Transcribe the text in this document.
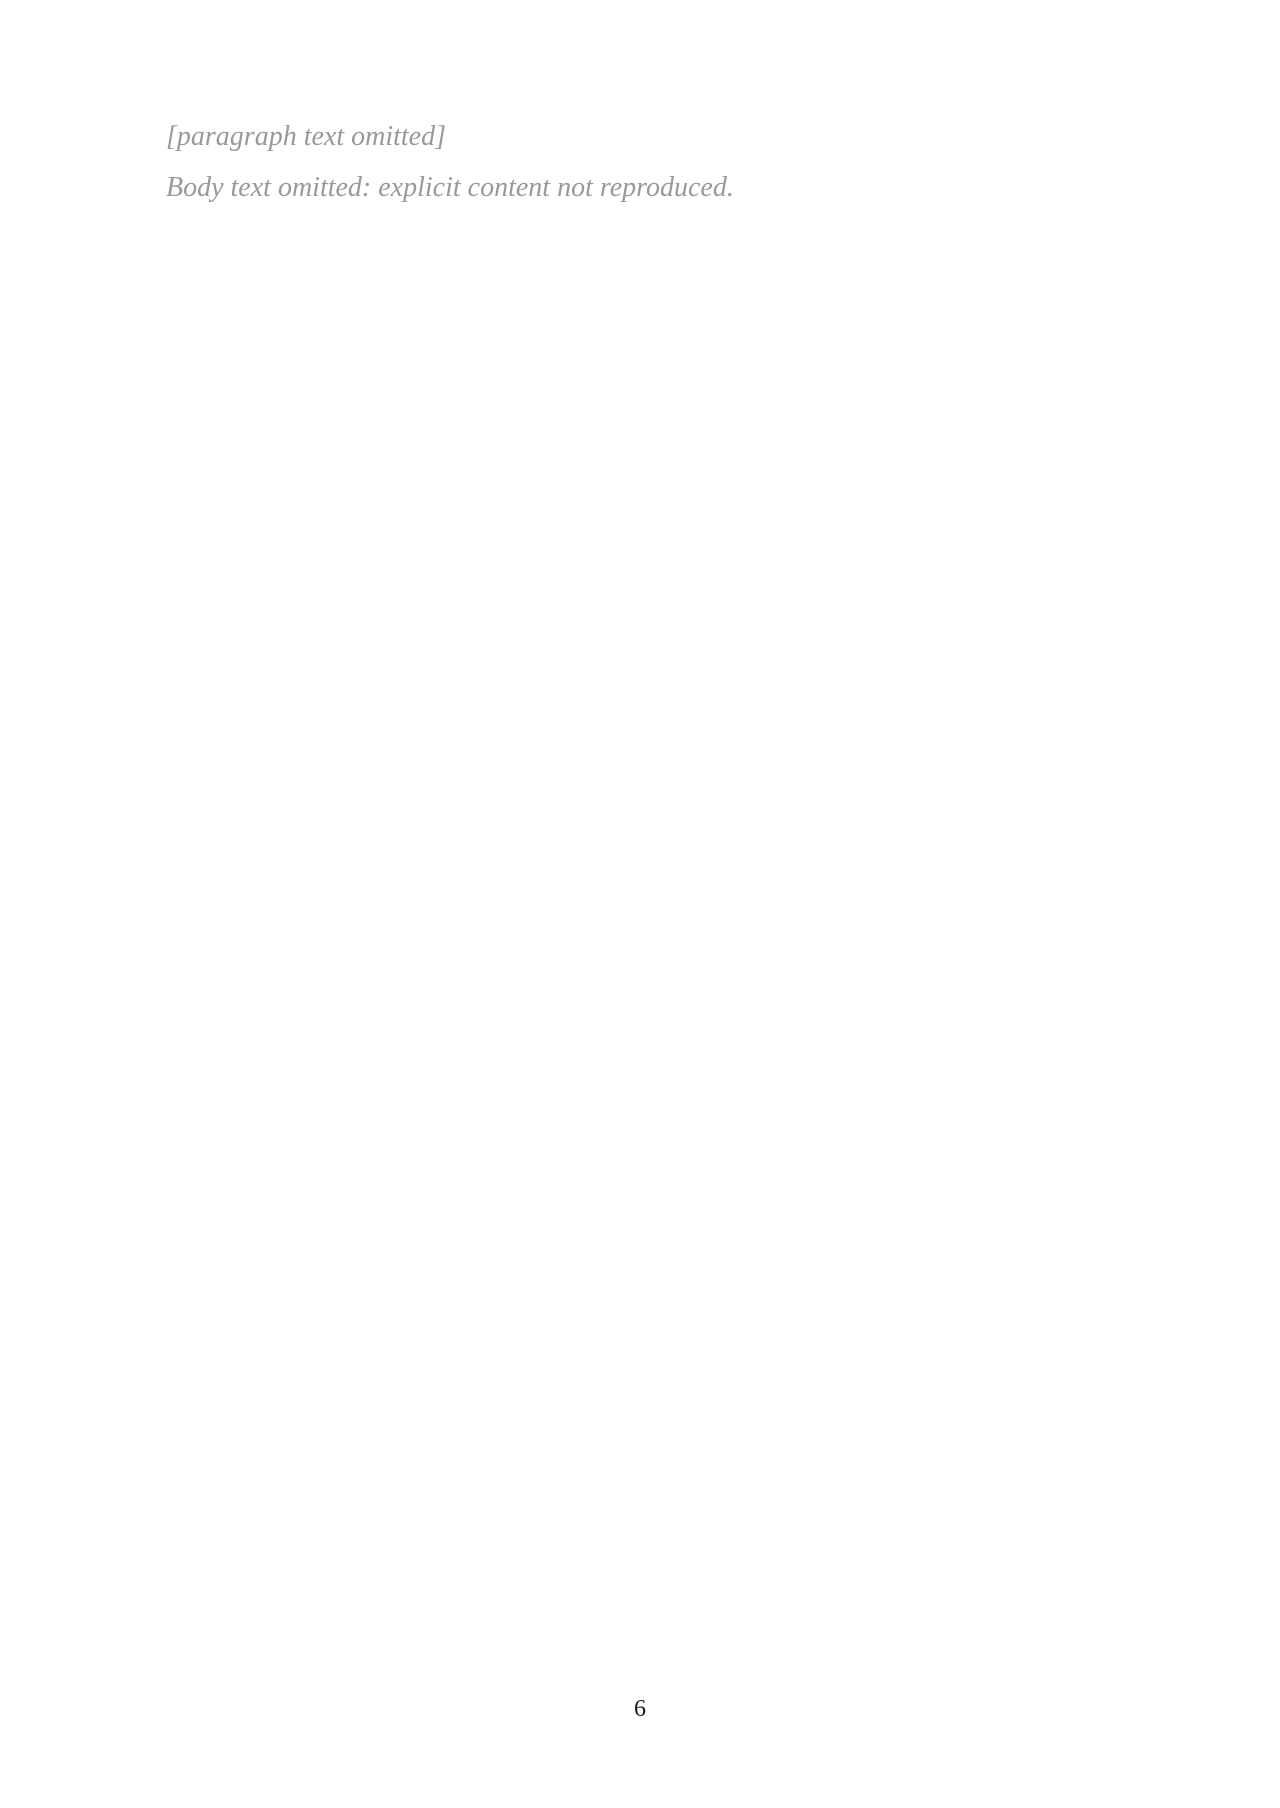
[paragraph text omitted]

Body text omitted: explicit content not reproduced.

6
